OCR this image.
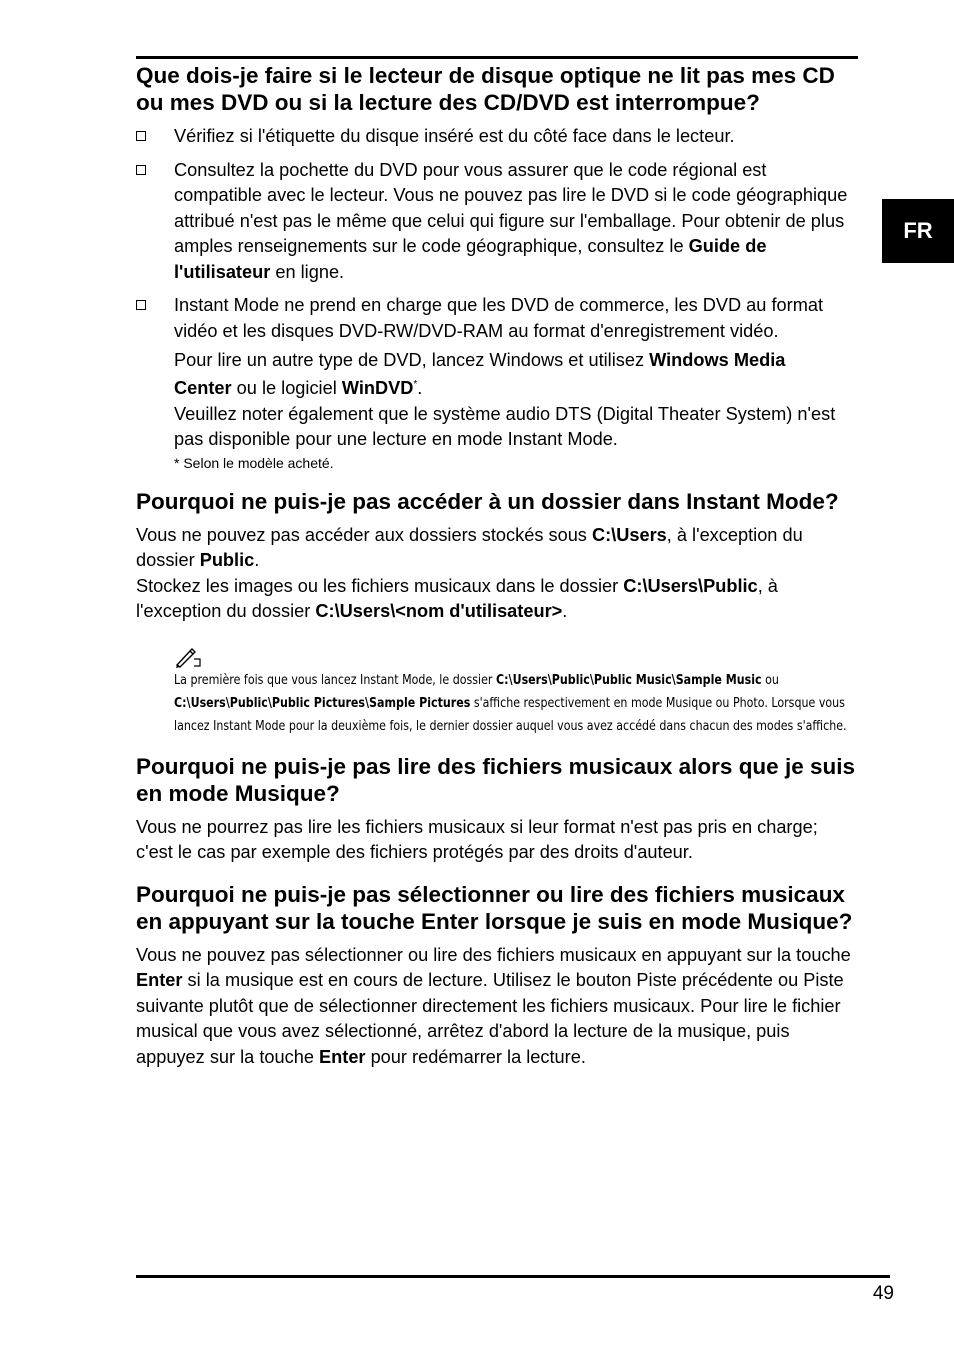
FR
Que dois-je faire si le lecteur de disque optique ne lit pas mes CD ou mes DVD ou si la lecture des CD/DVD est interrompue?
Vérifiez si l'étiquette du disque inséré est du côté face dans le lecteur.
Consultez la pochette du DVD pour vous assurer que le code régional est compatible avec le lecteur. Vous ne pouvez pas lire le DVD si le code géographique attribué n'est pas le même que celui qui figure sur l'emballage. Pour obtenir de plus amples renseignements sur le code géographique, consultez le Guide de l'utilisateur en ligne.
Instant Mode ne prend en charge que les DVD de commerce, les DVD au format vidéo et les disques DVD-RW/DVD-RAM au format d'enregistrement vidéo.
Pour lire un autre type de DVD, lancez Windows et utilisez Windows Media
Center ou le logiciel WinDVD*.
Veuillez noter également que le système audio DTS (Digital Theater System) n'est pas disponible pour une lecture en mode Instant Mode.
* Selon le modèle acheté.
Pourquoi ne puis-je pas accéder à un dossier dans Instant Mode?

Vous ne pouvez pas accéder aux dossiers stockés sous C:\Users, à l'exception du dossier Public.

Stockez les images ou les fichiers musicaux dans le dossier C:\Users\Public, à l'exception du dossier C:\Users\<nom d'utilisateur>.

La première fois que vous lancez Instant Mode, le dossier C:\Users\Public\Public Music\Sample Music ou C:\Users\Public\Public Pictures\Sample Pictures s'affiche respectivement en mode Musique ou Photo. Lorsque vous lancez Instant Mode pour la deuxième fois, le dernier dossier auquel vous avez accédé dans chacun des modes s'affiche.
Pourquoi ne puis-je pas lire des fichiers musicaux alors que je suis en mode Musique?

Vous ne pourrez pas lire les fichiers musicaux si leur format n'est pas pris en charge; c'est le cas par exemple des fichiers protégés par des droits d'auteur.

Pourquoi ne puis-je pas sélectionner ou lire des fichiers musicaux en appuyant sur la touche Enter lorsque je suis en mode Musique?

Vous ne pouvez pas sélectionner ou lire des fichiers musicaux en appuyant sur la touche Enter si la musique est en cours de lecture. Utilisez le bouton Piste précédente ou Piste suivante plutôt que de sélectionner directement les fichiers musicaux. Pour lire le fichier musical que vous avez sélectionné, arrêtez d'abord la lecture de la musique, puis appuyez sur la touche Enter pour redémarrer la lecture.

49
